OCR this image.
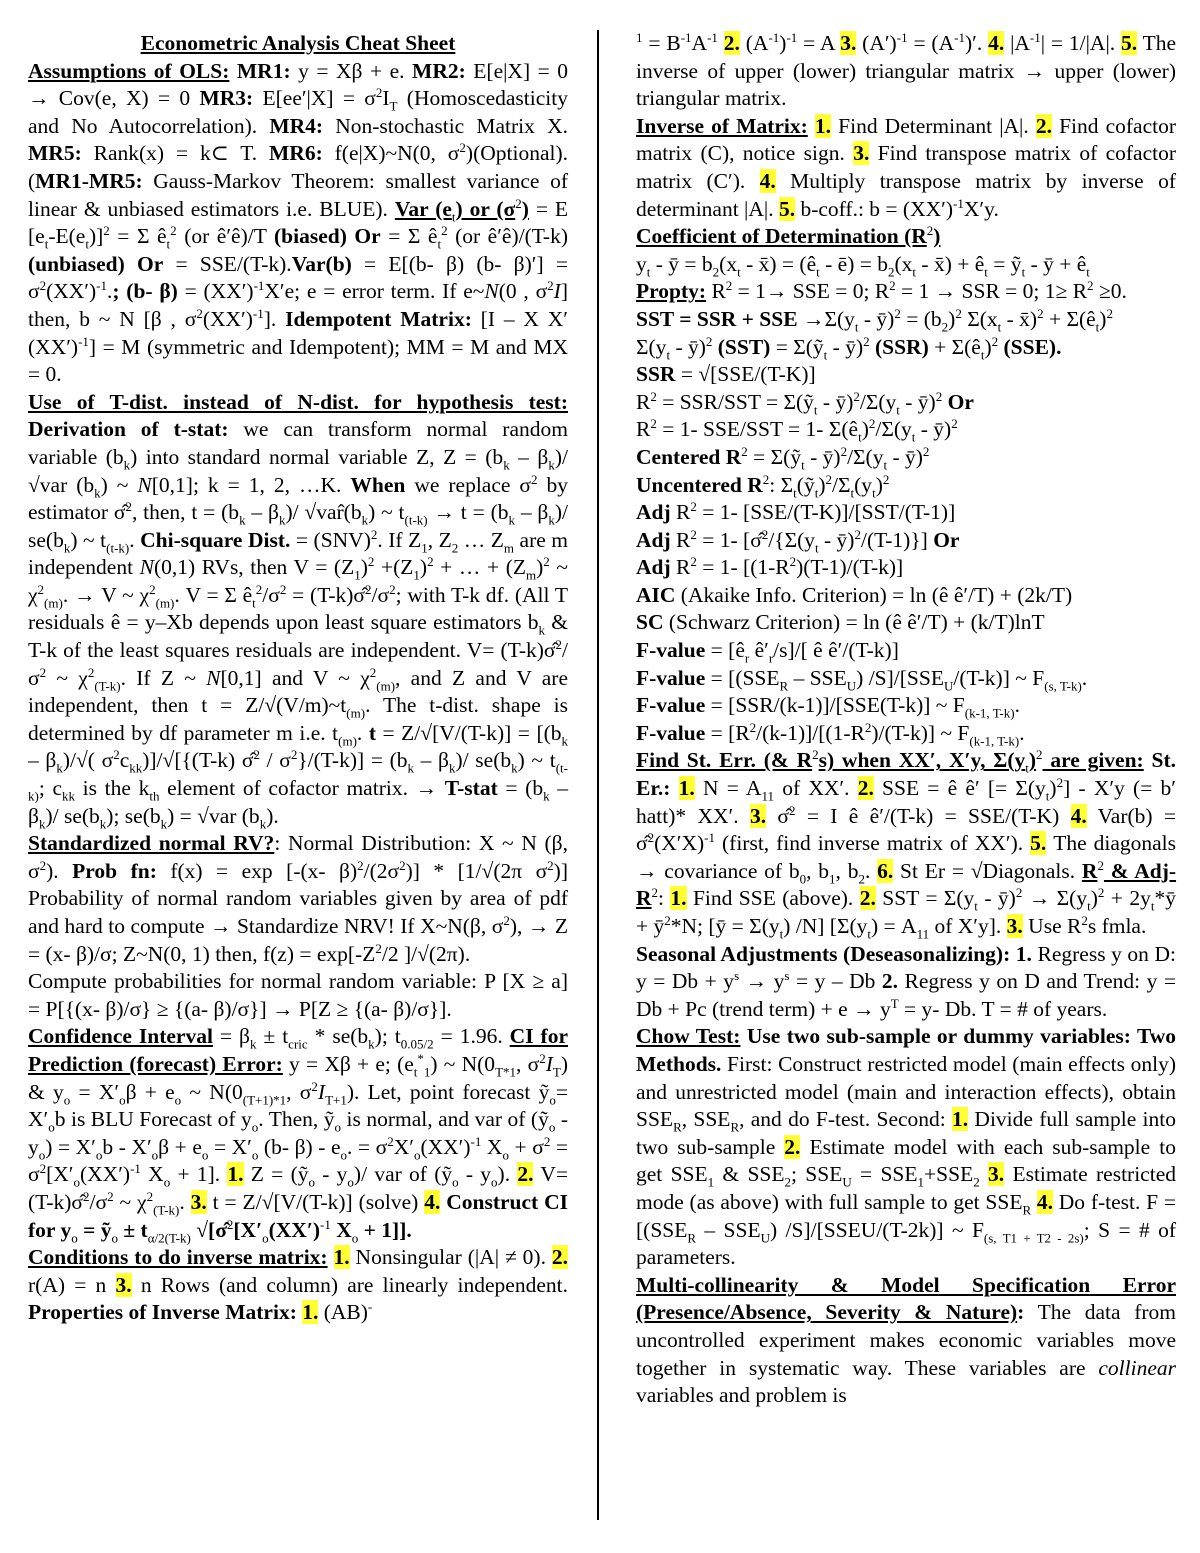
Econometric Analysis Cheat Sheet
Assumptions of OLS: MR1: y = Xβ + e. MR2: E[e|X] = 0 → Cov(e, X) = 0 MR3: $E[ee'|X] = \sigma^2I_T$ (Homoscedasticity and No Autocorrelation). MR4: Non-stochastic Matrix X. MR5: Rank(x) = k⊂ T. MR6: f(e|X)~N(0, $\sigma^2)(Optional)$. (MR1-MR5: Gauss-Markov Theorem: smallest variance of linear & unbiased estimators i.e. BLUE). Var $(e_t)$ or $(\sigma^2) = E$ $[e_t-E(e_t)]^2 = \Sigma$ $ê_t^2$ (or ê′ê)/T (biased) Or = Σ $ê_t^2$ (or ê′ê)/(T-k) (unbiased) Or = SSE/(T-k).Var(b) = E[(b- β) (b- $\beta)'] = \sigma^2(XX')^{-1}$.; (b- $\beta) = (XX')^{-1}X'e$; e = error term. If e~N(0 , $\sigma^2I$] then, b ~ N [β , $\sigma^2(XX')^{-1}$]. Idempotent Matrix: [I – X $X'(XX')^{-1}] = M$ (symmetric and Idempotent); MM = M and MX = 0.
Use of T-dist. instead of N-dist. for hypothesis test: Derivation of t-stat: we can transform normal random variable $(b_k)$ into standard normal variable Z, $Z = (b_k - \beta_k)/$ √var $(b_k)$ ~ N[0,1]; k = 1, 2, …K. When we replace $\sigma^2$ by estimator σ̂$^2$, then, $t = (b_k - \beta_k)/$ $√var̂(b_k)$ ~ $t_{(t-k)} \to t = (b_k - \beta_k)/$ $se(b_k)$ ~ $t_{(t-k)}$. Chi-square Dist. = (SNV)$^2$. If $Z_1$, $Z_2$ … $Z_m$ are m independent N(0,1) RVs, then $V = (Z_1)^2 +(Z_1)^2$ + … + $(Z_m)^2$ ~ $\chi^2_{(m)}$. → V ~ $\chi^2_{(m)}$. V = Σ $ê_t^2/\sigma^2$ = $(T-k)\sigmâ^2/\sigma^2$; with T-k df. (All T residuals ê = y–Xb depends upon least square estimators $b_k$ & T-k of the least squares residuals are independent. $V= (T-k)\sigmâ^2/\sigma^2$ ~ $\chi^2_{(T-k)}$. If Z ~ N[0,1] and V ~ $\chi^2_{(m)}$, and Z and V are independent, then $t = Z/√(V/m)\sim t_{(m)}$. The t-dist. shape is determined by df parameter m i.e. $t_{(m)}$. $t = Z/√[V/(T-k)] = [(b_k - \beta_k)/√$( $\sigma^2c_{kk})]/√[\{(T-k)$ σ̂$^2$ / $\sigma^2\}/(T-k)] = (b_k - \beta_k)/$ $se(b_k)$ ~ $t_{(t-k)}$; $c_{kk}$ is the $k_{th}$ element of cofactor matrix. → T-stat = $(b_k - \beta_k)/$ $se(b_k)$; $se(b_k) = √var$ $(b_k)$.
Standardized normal RV?: Normal Distribution: X ~ N (β, $\sigma^2$). Prob fn: f(x) = exp [-(x- $\beta)^2/(2\sigma^2)] * [1/√(2\pi$ $\sigma^2$)] Probability of normal random variables given by area of pdf and hard to compute → Standardize NRV! If X~N(β, $\sigma^2$), → Z = (x- β)/σ; Z~N(0, 1) then, $f(z) = \exp[-Z^2/2$ ]/√(2π).
Compute probabilities for normal random variable: P [X ≥ a] = P[{(x- β)/σ} ≥ {(a- β)/σ}] → P[Z ≥ {(a- β)/σ}].
Confidence Interval = $\beta_k \pm t_{cric} * se(b_k)$; $t_{0.05/2} = 1.96$. CI for Prediction (forecast) Error: y = Xβ + e; $(e_t^*_1)$ ~ $N(0_{T*1}$, $\sigma^2I_T$) & $y_o = X'_o\beta + e_o$ ~ $N(0_{(T+1)*1}$, $\sigma^2I_{T+1}$). Let, point forecast ỹ$_o$= $X'_ob$ is BLU Forecast of $y_o$. Then, ỹ$_o$ is normal, and var of (ỹ$_o$ - $y_o) = X'_ob - X'_o\beta + e_o = X'_o$ (b- $\beta) - e_o$. = $\sigma^2X'_o(XX')^{-1}$ $X_o + \sigma^2 = \sigma^2[X'_o(XX')^{-1}$ $X_o + 1$]. 1. Z = (ỹ$_o$ - $y_o)/$ var of (ỹ$_o$ - $y_o$). 2. $V= (T-k)\sigmâ^2/\sigma^2$ ~ $\chi^2_{(T-k)}$. 3. t = Z/√[V/(T-k)] (solve) 4. Construct CI for $y_o$ = ỹ$_o$ ± $t_{\alpha/2(T-k)}$ $√[\sigmâ^2[X'_o(XX')^{-1}$ $X_o + 1$]].
Conditions to do inverse matrix: 1. Nonsingular (|A| ≠ 0). 2. r(A) = n 3. n Rows (and column) are linearly independent. Properties of Inverse Matrix: 1. (AB)-
$^1 = B^{-1}A^{-1}$ 2. $(A^{-1})^{-1} = A$ 3. $(A')^{-1} = (A^{-1})'$. 4. $|A^{-1}| = 1/|A|$. 5. The inverse of upper (lower) triangular matrix → upper (lower) triangular matrix.
Inverse of Matrix: 1. Find Determinant |A|. 2. Find cofactor matrix (C), notice sign. 3. Find transpose matrix of cofactor matrix (C′). 4. Multiply transpose matrix by inverse of determinant |A|. 5. b-coff.: $b = (XX')^{-1}X'y$.
Coefficient of Determination $(R^2)$
$y_t$ - ȳ = $b_2(x_t$ - x̄) = ($ê_t$ - ē) = $b_2(x_t$ - x̄) + $ê_t$ = ỹ$_t$ - ȳ + $ê_t$
Propty: $R^2 = 1\to$ SSE = 0; $R^2 = 1$ → SSR = 0; $1\ge R^2 \ge 0$.
SST = SSR + SSE $\to\Sigma(y_t$ - ȳ)$^2$ = $(b_2)^2$ $\Sigma(x_t$ - x̄)$^2$ + $\Sigma(ê_t)^2$
$\Sigma(y_t$ - ȳ)$^2$ (SST) = Σ(ỹ$_t$ - ȳ)$^2$ $(SSR) + \Sigma(ê_t)^2$ (SSE).
SSR = √[SSE/(T-K)]
$R^2 = SSR/SST$ = Σ(ỹ$_t$ - $ȳ)^2/\Sigma(y_t$ - ȳ)$^2$ Or
$R^2 = 1-$ SSE/SST = 1- $\Sigma(ê_t)^2/\Sigma(y_t$ - ȳ)$^2$
Centered $R^2$ = Σ(ỹ$_t$ - $ȳ)^2/\Sigma(y_t$ - ȳ)$^2$
Uncentered $R^2$: $\Sigma_t(ỹ_t)^2/\Sigma_t(y_t)^2$
Adj $R^2 = 1-$ [SSE/(T-K)]/[SST/(T-1)]
Adj $R^2 = 1-$ [$\sigmâ^2/\{\Sigma(y_t$ - ȳ)$^2$/(T-1)}] Or
Adj $R^2 = 1-$ $[(1-R^2)(T-1)/(T-k)]$
AIC (Akaike Info. Criterion) = ln (ê ê′/T) + (2k/T)
SC (Schwarz Criterion) = ln (ê ê′/T) + (k/T)lnT
F-value = [$ê_r$ $ê'_r/s]/$[ ê ê′/(T-k)]
F-value = [$(SSE_R - SSE_U)$ $/S]/[SSE_U/(T-k)]$ ~ $F_{(s, T-k)}$.
F-value = [SSR/(k-1)]/[SSE(T-k)] ~ $F_{(k-1, T-k)}$.
F-value = $[R^2/(k-1)]/[(1-R^2)/(T-k)]$ ~ $F_{(k-1, T-k)}$.
Find St. Err. (& $R^2s$) when XX′, X′y, $\Sigma(y_t)^2$ are given: St. Er.: 1. $N = A_{11}$ of XX′. 2. SSE = ê ê′ [= $\Sigma(y_t)^2] - X'y$ (= b′ hatt)* XX′. 3. σ̂$^2$ = I ê ê′/(T-k) = SSE/(T-K) 4. $Var(b) = \sigmâ^2(X'X)^{-1}$ (first, find inverse matrix of XX′). 5. The diagonals → covariance of $b_0$, $b_1$, $b_2$. 6. St Er = √Diagonals. $R^2$ & Adj-$R^2$: 1. Find SSE (above). 2. SST = $\Sigma(y_t$ - ȳ)$^2$ → $\Sigma(y_t)^2$ + $2y_t*ȳ$ + $ȳ^2*N$; [ȳ = $\Sigma(y_t)$ /N] [$\Sigma(y_t) = A_{11}$ of X′y]. 3. Use $R^2s$ fmla.
Seasonal Adjustments (Deseasonalizing): 1. Regress y on D: $y = Db + y^s \to y^s = y - Db$ 2. Regress y on D and Trend: y = Db + Pc (trend term) + $e \to y^T = y-$ Db. T = # of years.
Chow Test: Use two sub-sample or dummy variables: Two Methods. First: Construct restricted model (main effects only) and unrestricted model (main and interaction effects), obtain $SSE_R$, $SSE_R$, and do F-test. Second: 1. Divide full sample into two sub-sample 2. Estimate model with each sub-sample to get $SSE_1$ & $SSE_2$; $SSE_U = SSE_1+SSE_2$ 3. Estimate restricted mode (as above) with full sample to get $SSE_R$ 4. Do f-test. $F = [(SSE_R - SSE_U)$ /S]/[SSEU/(T-2k)] ~ $F_{(s, T1 + T2 - 2s)}$; S = # of parameters.
Multi-collinearity & Model Specification Error (Presence/Absence, Severity & Nature): The data from uncontrolled experiment makes economic variables move together in systematic way. These variables are collinear variables and problem is
